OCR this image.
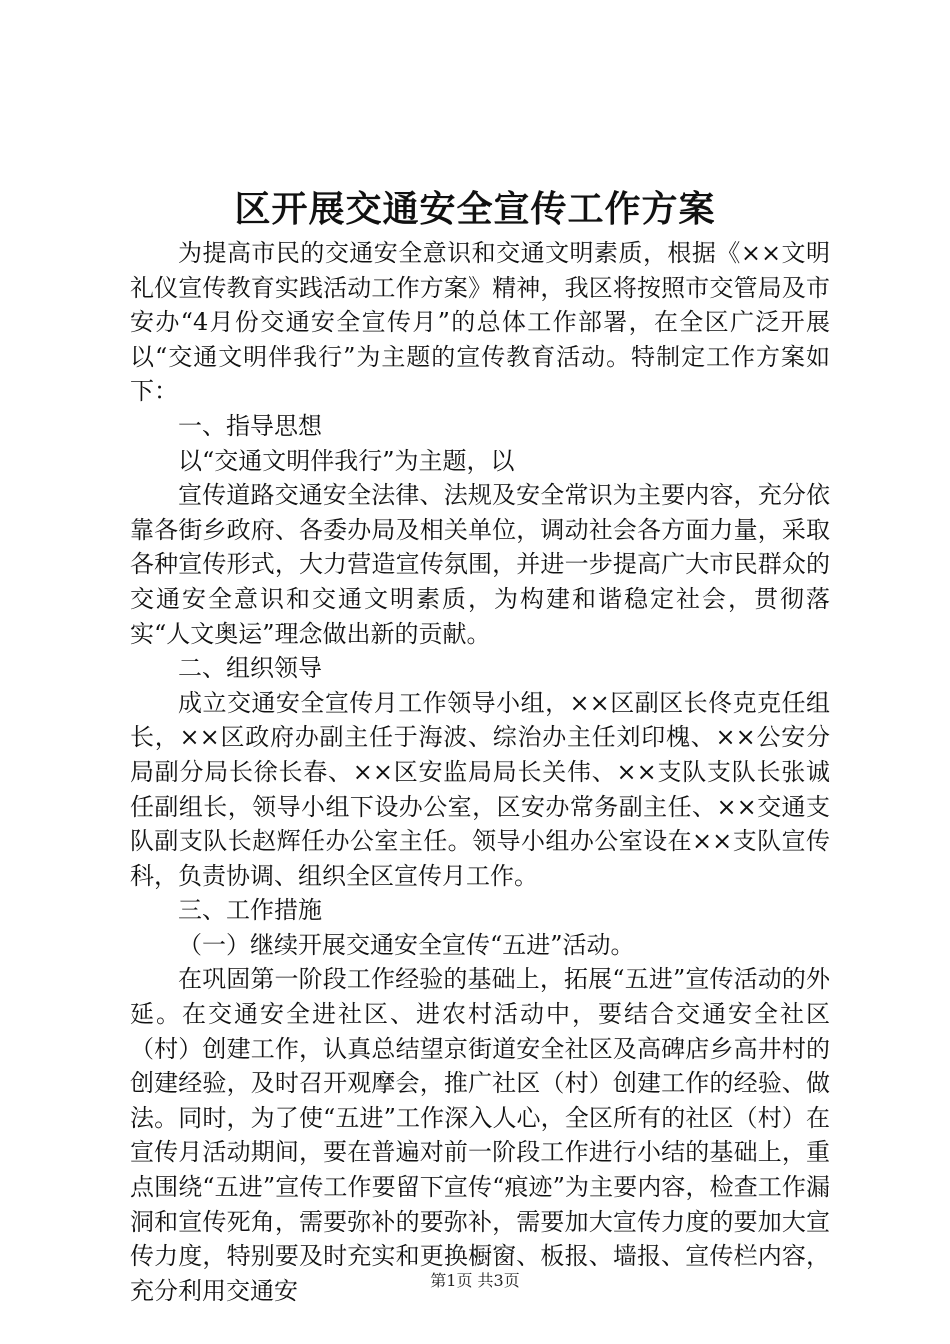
区开展交通安全宣传工作方案

为提高市民的交通安全意识和交通文明素质，根据《××文明礼仪宣传教育实践活动工作方案》精神，我区将按照市交管局及市安办“4月份交通安全宣传月”的总体工作部署，在全区广泛开展以“交通文明伴我行”为主题的宣传教育活动。特制定工作方案如下：

一、指导思想

以“交通文明伴我行”为主题，以

宣传道路交通安全法律、法规及安全常识为主要内容，充分依靠各街乡政府、各委办局及相关单位，调动社会各方面力量，采取各种宣传形式，大力营造宣传氛围，并进一步提高广大市民群众的交通安全意识和交通文明素质，为构建和谐稳定社会，贯彻落实“人文奥运”理念做出新的贡献。

二、组织领导

成立交通安全宣传月工作领导小组，××区副区长佟克克任组长，××区政府办副主任于海波、综治办主任刘印槐、××公安分局副分局长徐长春、××区安监局局长关伟、××支队支队长张诚任副组长，领导小组下设办公室，区安办常务副主任、××交通支队副支队长赵辉任办公室主任。领导小组办公室设在××支队宣传科，负责协调、组织全区宣传月工作。

三、工作措施

（一）继续开展交通安全宣传“五进”活动。

在巩固第一阶段工作经验的基础上，拓展“五进”宣传活动的外延。在交通安全进社区、进农村活动中，要结合交通安全社区（村）创建工作，认真总结望京街道安全社区及高碑店乡高井村的创建经验，及时召开观摩会，推广社区（村）创建工作的经验、做法。同时，为了使“五进”工作深入人心，全区所有的社区（村）在宣传月活动期间，要在普遍对前一阶段工作进行小结的基础上，重点围绕“五进”宣传工作要留下宣传“痕迹”为主要内容，检查工作漏洞和宣传死角，需要弥补的要弥补，需要加大宣传力度的要加大宣传力度，特别要及时充实和更换橱窗、板报、墙报、宣传栏内容，充分利用交通安	第1页 共3页
